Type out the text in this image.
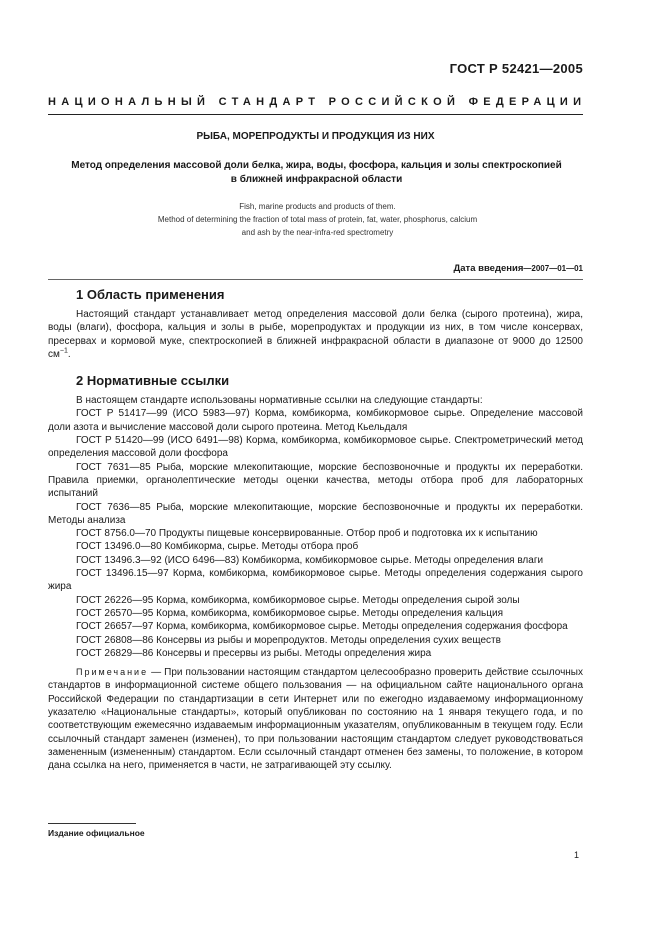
ГОСТ Р 52421—2005
НАЦИОНАЛЬНЫЙ СТАНДАРТ РОССИЙСКОЙ ФЕДЕРАЦИИ
РЫБА, МОРЕПРОДУКТЫ И ПРОДУКЦИЯ ИЗ НИХ
Метод определения массовой доли белка, жира, воды, фосфора, кальция и золы спектроскопией в ближней инфракрасной области
Fish, marine products and products of them.
Method of determining the fraction of total mass of protein, fat, water, phosphorus, calcium
and ash by the near-infra-red spectrometry
Дата введения—2007—01—01
1 Область применения

Настоящий стандарт устанавливает метод определения массовой доли белка (сырого протеина), жира, воды (влаги), фосфора, кальция и золы в рыбе, морепродуктах и продукции из них, в том числе консервах, пресервах и кормовой муке, спектроскопией в ближней инфракрасной области в диапазоне от 9000 до 12500 $см^{-1}$.

2 Нормативные ссылки

В настоящем стандарте использованы нормативные ссылки на следующие стандарты:

ГОСТ Р 51417—99 (ИСО 5983—97) Корма, комбикорма, комбикормовое сырье. Определение массовой доли азота и вычисление массовой доли сырого протеина. Метод Кьельдаля

ГОСТ Р 51420—99 (ИСО 6491—98) Корма, комбикорма, комбикормовое сырье. Спектрометрический метод определения массовой доли фосфора

ГОСТ 7631—85 Рыба, морские млекопитающие, морские беспозвоночные и продукты их переработки. Правила приемки, органолептические методы оценки качества, методы отбора проб для лабораторных испытаний

ГОСТ 7636—85 Рыба, морские млекопитающие, морские беспозвоночные и продукты их переработки. Методы анализа

ГОСТ 8756.0—70 Продукты пищевые консервированные. Отбор проб и подготовка их к испытанию

ГОСТ 13496.0—80 Комбикорма, сырье. Методы отбора проб

ГОСТ 13496.3—92 (ИСО 6496—83) Комбикорма, комбикормовое сырье. Методы определения влаги

ГОСТ 13496.15—97 Корма, комбикорма, комбикормовое сырье. Методы определения содержания сырого жира

ГОСТ 26226—95 Корма, комбикорма, комбикормовое сырье. Методы определения сырой золы

ГОСТ 26570—95 Корма, комбикорма, комбикормовое сырье. Методы определения кальция

ГОСТ 26657—97 Корма, комбикорма, комбикормовое сырье. Методы определения содержания фосфора

ГОСТ 26808—86 Консервы из рыбы и морепродуктов. Методы определения сухих веществ

ГОСТ 26829—86 Консервы и пресервы из рыбы. Методы определения жира

Примечание — При пользовании настоящим стандартом целесообразно проверить действие ссылочных стандартов в информационной системе общего пользования — на официальном сайте национального органа Российской Федерации по стандартизации в сети Интернет или по ежегодно издаваемому информационному указателю «Национальные стандарты», который опубликован по состоянию на 1 января текущего года, и по соответствующим ежемесячно издаваемым информационным указателям, опубликованным в текущем году. Если ссылочный стандарт заменен (изменен), то при пользовании настоящим стандартом следует руководствоваться замененным (измененным) стандартом. Если ссылочный стандарт отменен без замены, то положение, в котором дана ссылка на него, применяется в части, не затрагивающей эту ссылку.

Издание официальное
1
